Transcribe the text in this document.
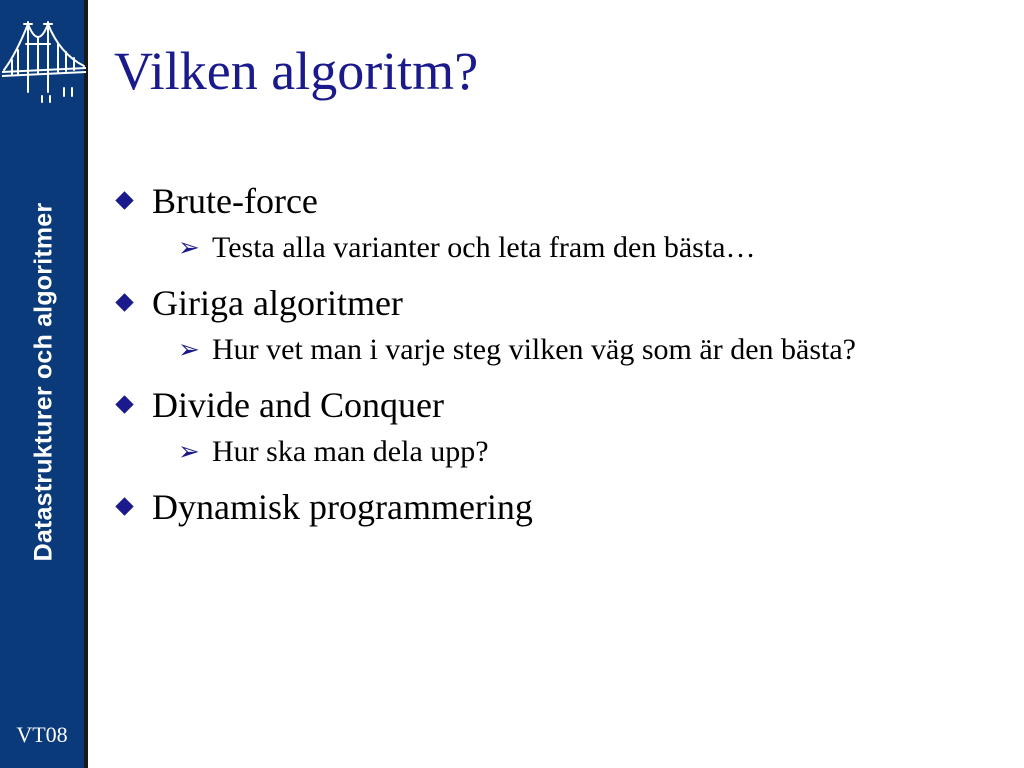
Datastrukturer och algoritmer
VT08
Vilken algoritm?
Brute-force
➢ Testa alla varianter och leta fram den bästa…
Giriga algoritmer
➢ Hur vet man i varje steg vilken väg som är den bästa?
Divide and Conquer
➢ Hur ska man dela upp?
Dynamisk programmering
